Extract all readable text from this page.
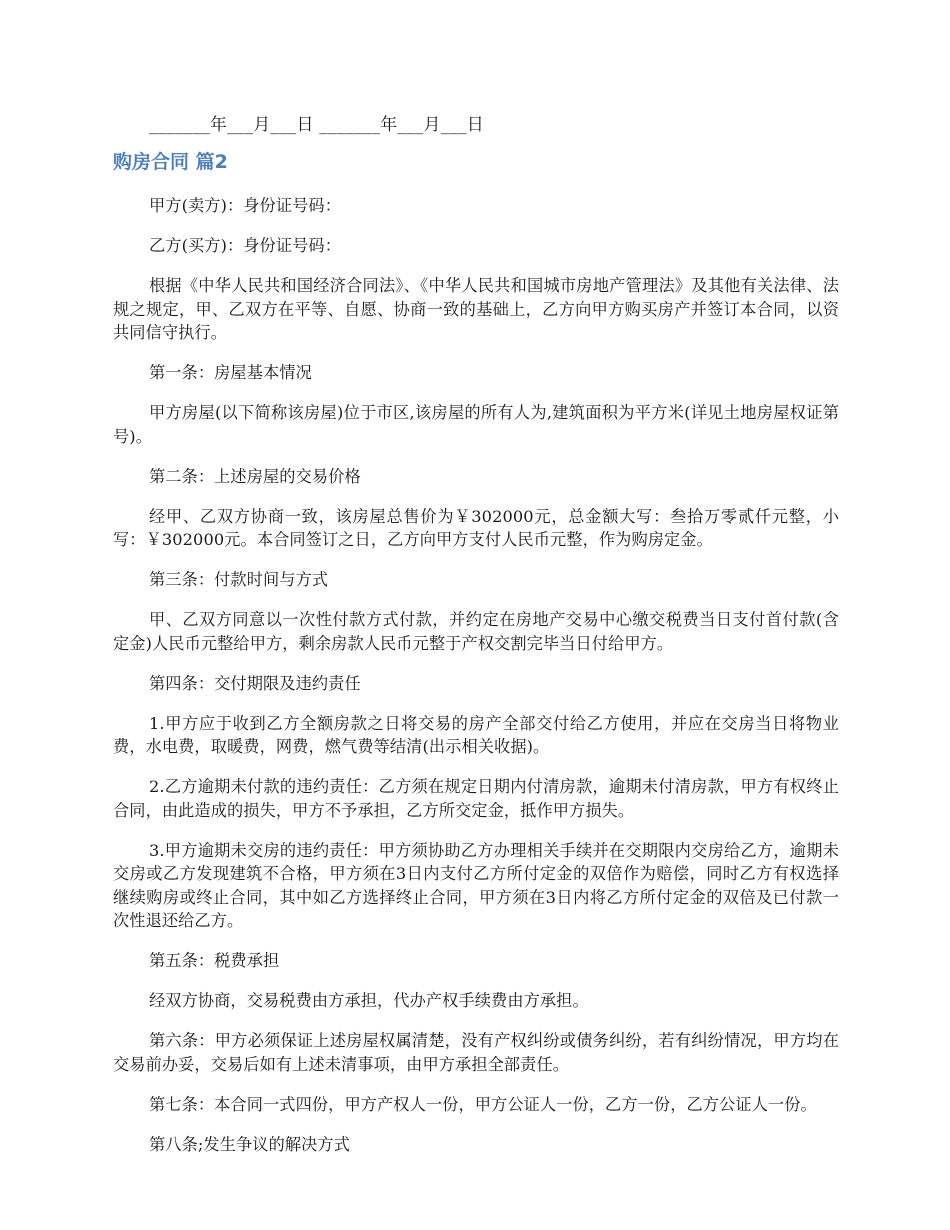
_______年___月___日 _______年___月___日
购房合同 篇2

甲方(卖方)：身份证号码：

乙方(买方)：身份证号码：

根据《中华人民共和国经济合同法》、《中华人民共和国城市房地产管理法》及其他有关法律、法规之规定，甲、乙双方在平等、自愿、协商一致的基础上，乙方向甲方购买房产并签订本合同，以资共同信守执行。

第一条：房屋基本情况

甲方房屋(以下简称该房屋)位于市区,该房屋的所有人为,建筑面积为平方米(详见土地房屋权证第号)。

第二条：上述房屋的交易价格

经甲、乙双方协商一致，该房屋总售价为￥302000元，总金额大写：叁拾万零贰仟元整，小写：￥302000元。本合同签订之日，乙方向甲方支付人民币元整，作为购房定金。

第三条：付款时间与方式

甲、乙双方同意以一次性付款方式付款，并约定在房地产交易中心缴交税费当日支付首付款(含定金)人民币元整给甲方，剩余房款人民币元整于产权交割完毕当日付给甲方。

第四条：交付期限及违约责任

1.甲方应于收到乙方全额房款之日将交易的房产全部交付给乙方使用，并应在交房当日将物业费，水电费，取暖费，网费，燃气费等结清(出示相关收据)。

2.乙方逾期未付款的违约责任：乙方须在规定日期内付清房款，逾期未付清房款，甲方有权终止合同，由此造成的损失，甲方不予承担，乙方所交定金，抵作甲方损失。

3.甲方逾期未交房的违约责任：甲方须协助乙方办理相关手续并在交期限内交房给乙方，逾期未交房或乙方发现建筑不合格，甲方须在3日内支付乙方所付定金的双倍作为赔偿，同时乙方有权选择继续购房或终止合同，其中如乙方选择终止合同，甲方须在3日内将乙方所付定金的双倍及已付款一次性退还给乙方。

第五条：税费承担

经双方协商，交易税费由方承担，代办产权手续费由方承担。

第六条：甲方必须保证上述房屋权属清楚，没有产权纠纷或债务纠纷，若有纠纷情况，甲方均在交易前办妥，交易后如有上述未清事项，由甲方承担全部责任。

第七条：本合同一式四份，甲方产权人一份，甲方公证人一份，乙方一份，乙方公证人一份。

第八条;发生争议的解决方式
